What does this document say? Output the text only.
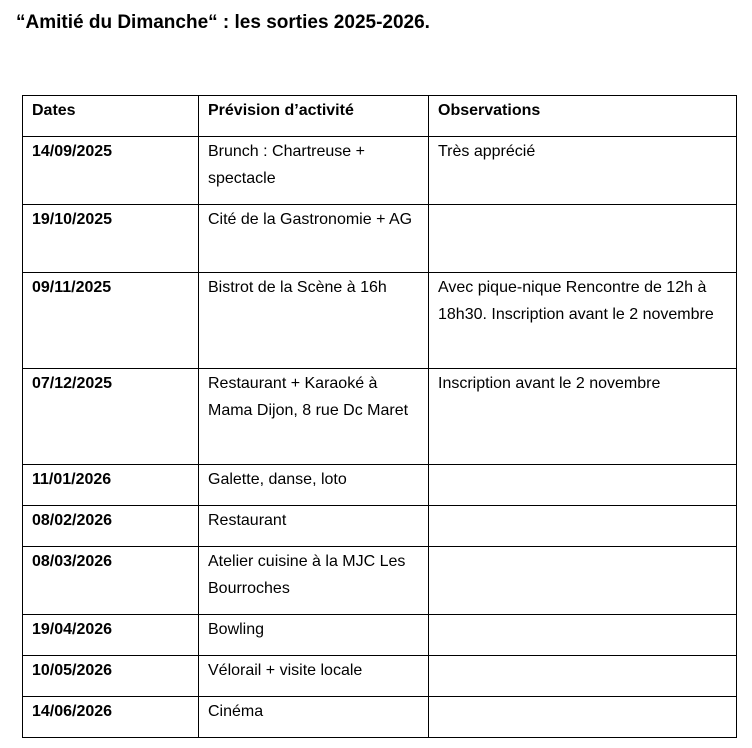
“Amitié du Dimanche“ : les sorties 2025-2026.
Dates	Prévision d’activité	Observations
14/09/2025	Brunch : Chartreuse + spectacle	Très apprécié
19/10/2025	Cité de la Gastronomie + AG	
09/11/2025	Bistrot de la Scène à 16h	Avec pique-nique Rencontre de 12h à 18h30. Inscription avant le 2 novembre
07/12/2025	Restaurant + Karaoké à Mama Dijon, 8 rue Dc Maret	Inscription avant le 2 novembre
11/01/2026	Galette, danse, loto	
08/02/2026	Restaurant	
08/03/2026	Atelier cuisine à la MJC Les Bourroches	
19/04/2026	Bowling	
10/05/2026	Vélorail + visite locale	
14/06/2026	Cinéma	
